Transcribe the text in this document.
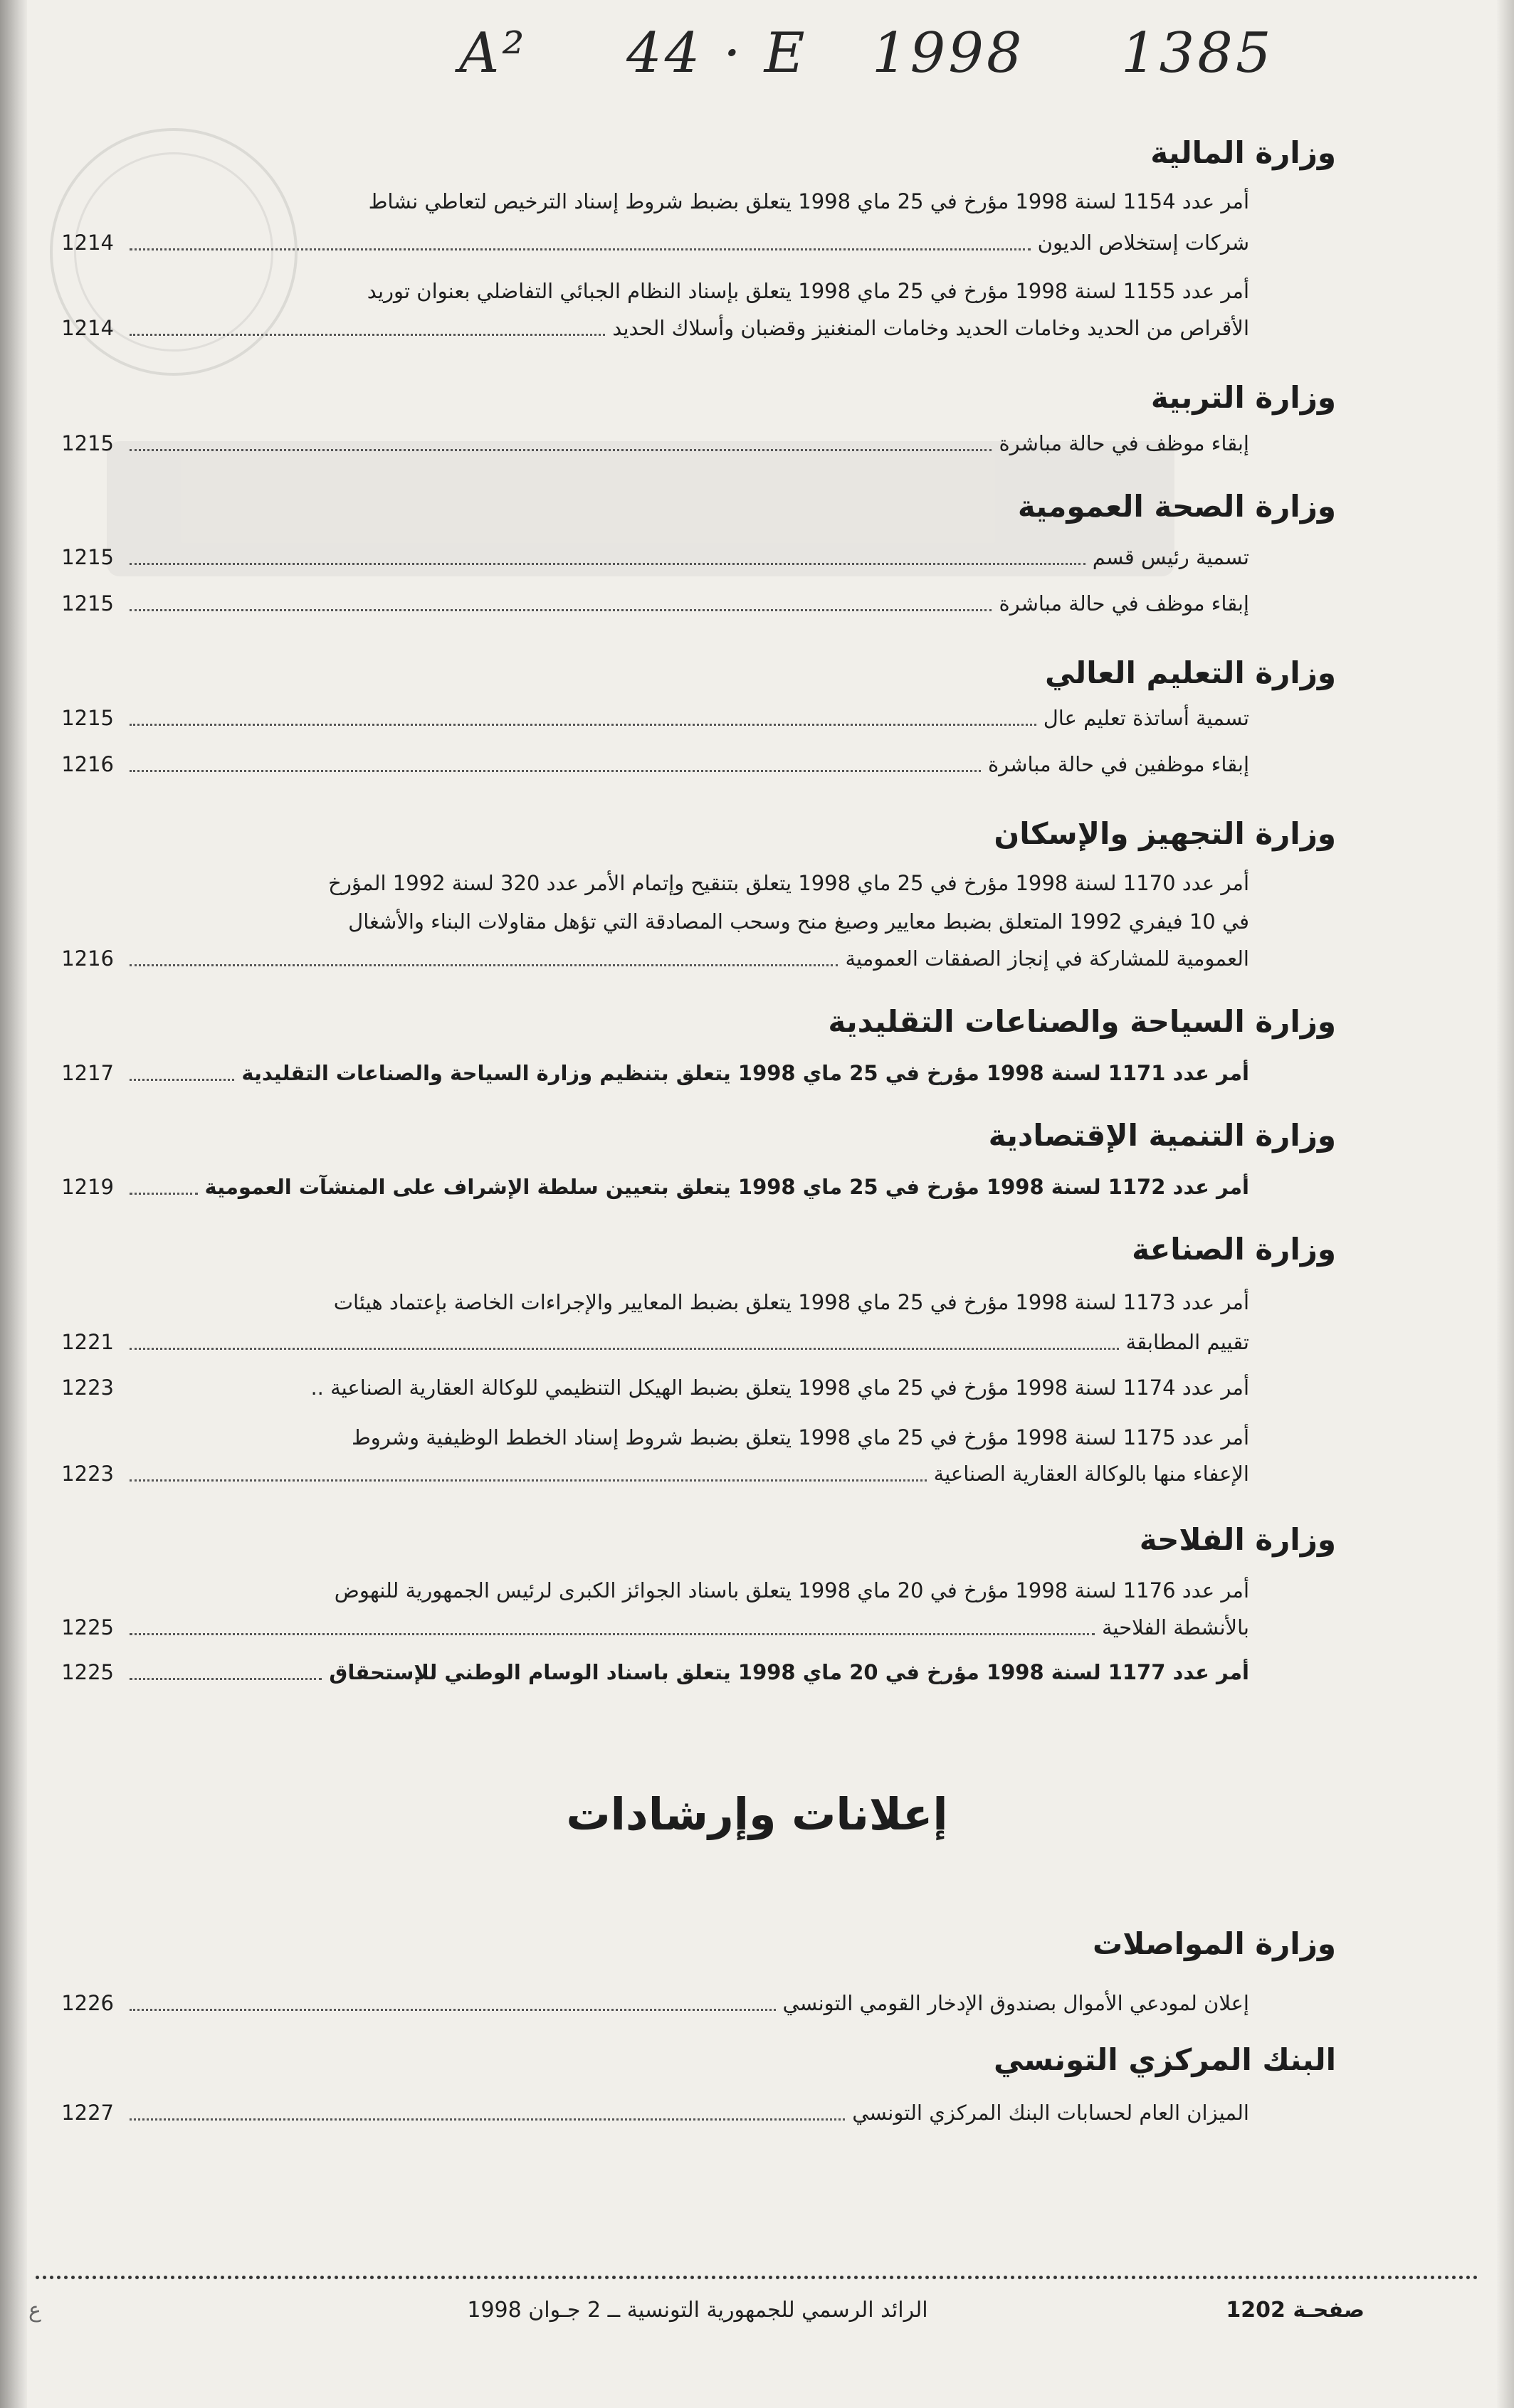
A² 44 · E 1998 1385
وزارة المالية
أمر عدد 1154 لسنة 1998 مؤرخ في 25 ماي 1998 يتعلق بضبط شروط إسناد الترخيص لتعاطي نشاط
شركات إستخلاص الديون
1214
أمر عدد 1155 لسنة 1998 مؤرخ في 25 ماي 1998 يتعلق بإسناد النظام الجبائي التفاضلي بعنوان توريد
الأقراص من الحديد وخامات الحديد وخامات المنغنيز وقضبان وأسلاك الحديد
1214
وزارة التربية
إبقاء موظف في حالة مباشرة
1215
وزارة الصحة العمومية
تسمية رئيس قسم
1215
إبقاء موظف في حالة مباشرة
1215
وزارة التعليم العالي
تسمية أساتذة تعليم عال
1215
إبقاء موظفين في حالة مباشرة
1216
وزارة التجهيز والإسكان
أمر عدد 1170 لسنة 1998 مؤرخ في 25 ماي 1998 يتعلق بتنقيح وإتمام الأمر عدد 320 لسنة 1992 المؤرخ
في 10 فيفري 1992 المتعلق بضبط معايير وصيغ منح وسحب المصادقة التي تؤهل مقاولات البناء والأشغال
العمومية للمشاركة في إنجاز الصفقات العمومية
1216
وزارة السياحة والصناعات التقليدية
أمر عدد 1171 لسنة 1998 مؤرخ في 25 ماي 1998 يتعلق بتنظيم وزارة السياحة والصناعات التقليدية
1217
وزارة التنمية الإقتصادية
أمر عدد 1172 لسنة 1998 مؤرخ في 25 ماي 1998 يتعلق بتعيين سلطة الإشراف على المنشآت العمومية
1219
وزارة الصناعة
أمر عدد 1173 لسنة 1998 مؤرخ في 25 ماي 1998 يتعلق بضبط المعايير والإجراءات الخاصة بإعتماد هيئات
تقييم المطابقة
1221
أمر عدد 1174 لسنة 1998 مؤرخ في 25 ماي 1998 يتعلق بضبط الهيكل التنظيمي للوكالة العقارية الصناعية ..
1223
أمر عدد 1175 لسنة 1998 مؤرخ في 25 ماي 1998 يتعلق بضبط شروط إسناد الخطط الوظيفية وشروط
الإعفاء منها بالوكالة العقارية الصناعية
1223
وزارة الفلاحة
أمر عدد 1176 لسنة 1998 مؤرخ في 20 ماي 1998 يتعلق باسناد الجوائز الكبرى لرئيس الجمهورية للنهوض
بالأنشطة الفلاحية
1225
أمر عدد 1177 لسنة 1998 مؤرخ في 20 ماي 1998 يتعلق باسناد الوسام الوطني للإستحقاق
1225
إعلانات وإرشادات
وزارة المواصلات
إعلان لمودعي الأموال بصندوق الإدخار القومي التونسي
1226
البنك المركزي التونسي
الميزان العام لحسابات البنك المركزي التونسي
1227
صفحـة 1202
الرائد الرسمي للجمهورية التونسية ــ 2 جـوان 1998
ع
